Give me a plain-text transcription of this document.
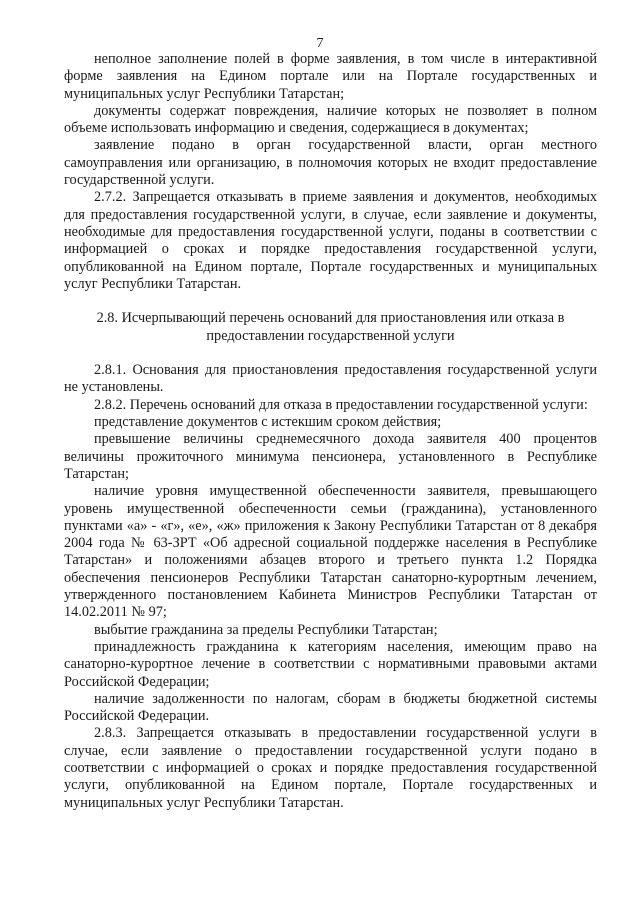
7

неполное заполнение полей в форме заявления, в том числе в интерактивной форме заявления на Едином портале или на Портале государственных и муниципальных услуг Республики Татарстан;

документы содержат повреждения, наличие которых не позволяет в полном объеме использовать информацию и сведения, содержащиеся в документах;

заявление подано в орган государственной власти, орган местного самоуправления или организацию, в полномочия которых не входит предоставление государственной услуги.

2.7.2. Запрещается отказывать в приеме заявления и документов, необходимых для предоставления государственной услуги, в случае, если заявление и документы, необходимые для предоставления государственной услуги, поданы в соответствии с информацией о сроках и порядке предоставления государственной услуги, опубликованной на Едином портале, Портале государственных и муниципальных услуг Республики Татарстан.

2.8. Исчерпывающий перечень оснований для приостановления или отказа в предоставлении государственной услуги

2.8.1. Основания для приостановления предоставления государственной услуги не установлены.

2.8.2. Перечень оснований для отказа в предоставлении государственной услуги:

представление документов с истекшим сроком действия;

превышение величины среднемесячного дохода заявителя 400 процентов величины прожиточного минимума пенсионера, установленного в Республике Татарстан;

наличие уровня имущественной обеспеченности заявителя, превышающего уровень имущественной обеспеченности семьи (гражданина), установленного пунктами «а» - «г», «е», «ж» приложения к Закону Республики Татарстан от 8 декабря 2004 года № 63-ЗРТ «Об адресной социальной поддержке населения в Республике Татарстан» и положениями абзацев второго и третьего пункта 1.2 Порядка обеспечения пенсионеров Республики Татарстан санаторно-курортным лечением, утвержденного постановлением Кабинета Министров Республики Татарстан от 14.02.2011 № 97;

выбытие гражданина за пределы Республики Татарстан;

принадлежность гражданина к категориям населения, имеющим право на санаторно-курортное лечение в соответствии с нормативными правовыми актами Российской Федерации;

наличие задолженности по налогам, сборам в бюджеты бюджетной системы Российской Федерации.

2.8.3. Запрещается отказывать в предоставлении государственной услуги в случае, если заявление о предоставлении государственной услуги подано в соответствии с информацией о сроках и порядке предоставления государственной услуги, опубликованной на Едином портале, Портале государственных и муниципальных услуг Республики Татарстан.
